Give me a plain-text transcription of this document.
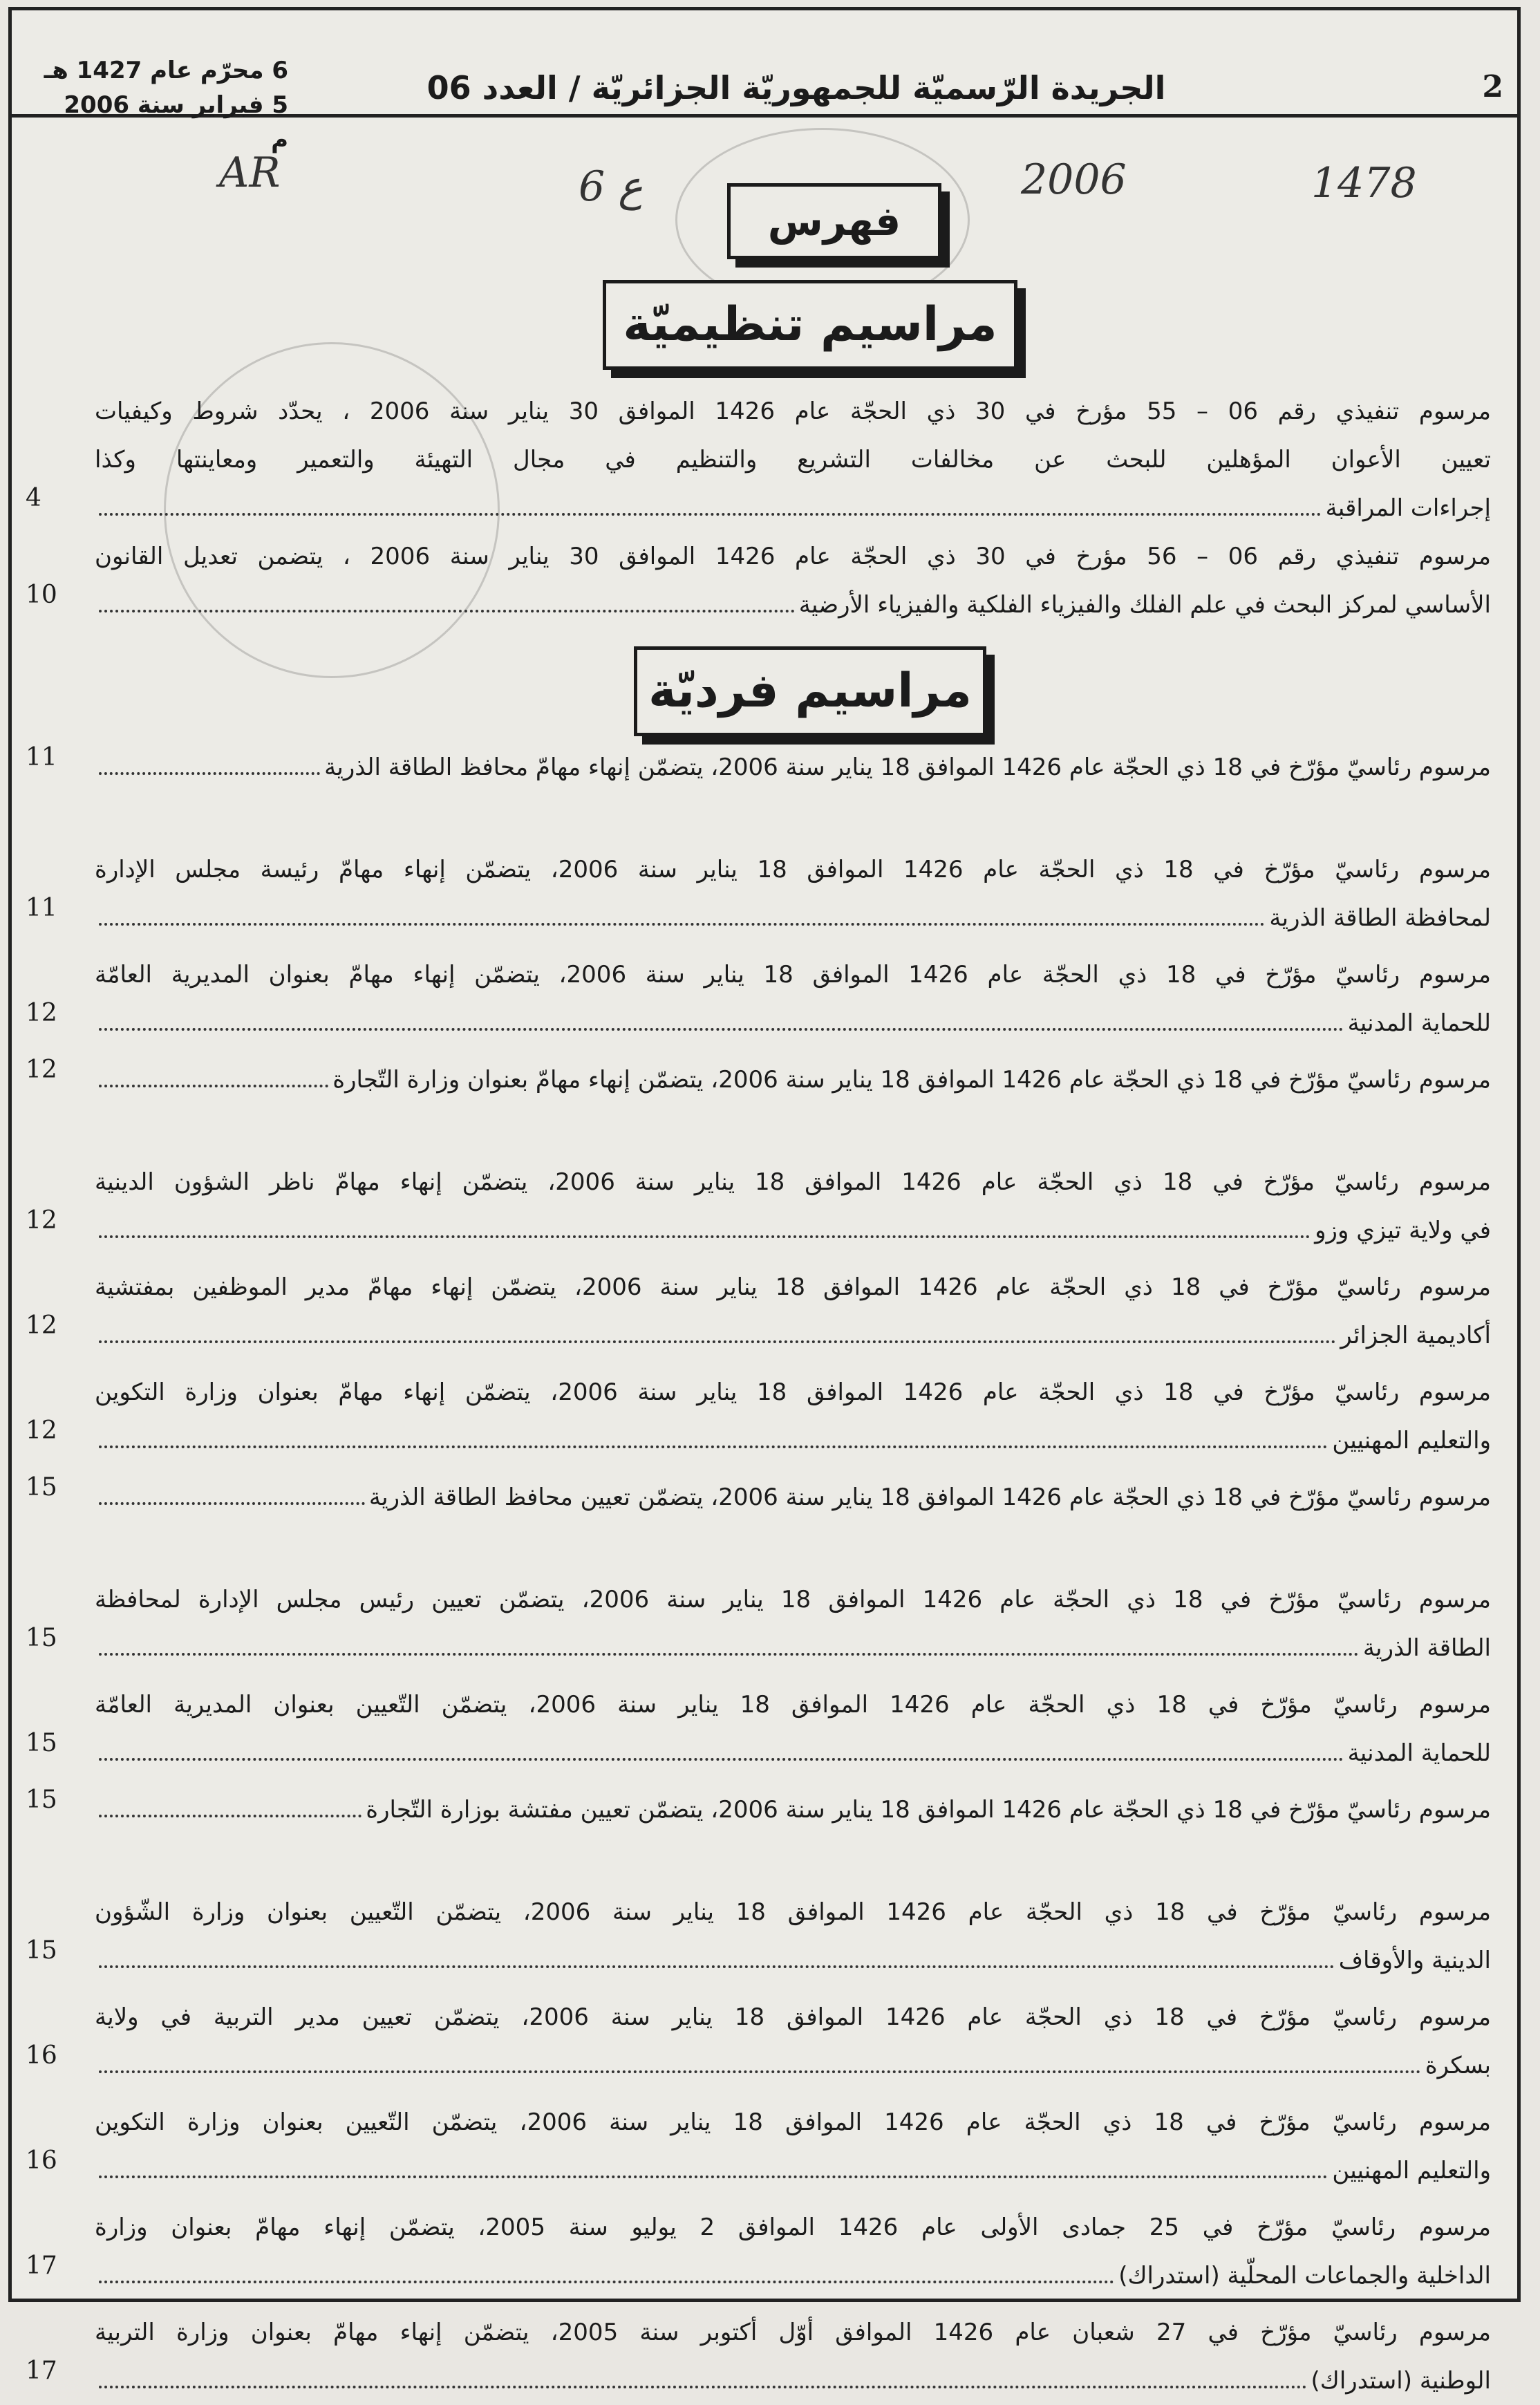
2
الجريدة الرّسميّة للجمهوريّة الجزائريّة / العدد 06
6 محرّم عام 1427 هـ
5 فبراير سنة 2006 م
AR	6 ع	2006	1478
فهرس
مراسيم تنظيميّة
مراسيم فرديّة
مرسوم تنفيذي رقم 06 – 55 مؤرخ في 30 ذي الحجّة عام 1426 الموافق 30 يناير سنة 2006 ، يحدّد شروط وكيفيات
تعيين الأعوان المؤهلين للبحث عن مخالفات التشريع والتنظيم في مجال التهيئة والتعمير ومعاينتها وكذا
إجراءات المراقبة
4
مرسوم تنفيذي رقم 06 – 56 مؤرخ في 30 ذي الحجّة عام 1426 الموافق 30 يناير سنة 2006 ، يتضمن تعديل القانون
الأساسي لمركز البحث في علم الفلك والفيزياء الفلكية والفيزياء الأرضية
10
مرسوم رئاسيّ مؤرّخ في 18 ذي الحجّة عام 1426 الموافق 18 يناير سنة 2006، يتضمّن إنهاء مهامّ محافظ الطاقة الذرية
11
مرسوم رئاسيّ مؤرّخ في 18 ذي الحجّة عام 1426 الموافق 18 يناير سنة 2006، يتضمّن إنهاء مهامّ رئيسة مجلس الإدارة
لمحافظة الطاقة الذرية
11
مرسوم رئاسيّ مؤرّخ في 18 ذي الحجّة عام 1426 الموافق 18 يناير سنة 2006، يتضمّن إنهاء مهامّ بعنوان المديرية العامّة
للحماية المدنية
12
مرسوم رئاسيّ مؤرّخ في 18 ذي الحجّة عام 1426 الموافق 18 يناير سنة 2006، يتضمّن إنهاء مهامّ بعنوان وزارة التّجارة
12
مرسوم رئاسيّ مؤرّخ في 18 ذي الحجّة عام 1426 الموافق 18 يناير سنة 2006، يتضمّن إنهاء مهامّ ناظر الشؤون الدينية
في ولاية تيزي وزو
12
مرسوم رئاسيّ مؤرّخ في 18 ذي الحجّة عام 1426 الموافق 18 يناير سنة 2006، يتضمّن إنهاء مهامّ مدير الموظفين بمفتشية
أكاديمية الجزائر
12
مرسوم رئاسيّ مؤرّخ في 18 ذي الحجّة عام 1426 الموافق 18 يناير سنة 2006، يتضمّن إنهاء مهامّ بعنوان وزارة التكوين
والتعليم المهنيين
12
مرسوم رئاسيّ مؤرّخ في 18 ذي الحجّة عام 1426 الموافق 18 يناير سنة 2006، يتضمّن تعيين محافظ الطاقة الذرية
15
مرسوم رئاسيّ مؤرّخ في 18 ذي الحجّة عام 1426 الموافق 18 يناير سنة 2006، يتضمّن تعيين رئيس مجلس الإدارة لمحافظة
الطاقة الذرية
15
مرسوم رئاسيّ مؤرّخ في 18 ذي الحجّة عام 1426 الموافق 18 يناير سنة 2006، يتضمّن التّعيين بعنوان المديرية العامّة
للحماية المدنية
15
مرسوم رئاسيّ مؤرّخ في 18 ذي الحجّة عام 1426 الموافق 18 يناير سنة 2006، يتضمّن تعيين مفتشة بوزارة التّجارة
15
مرسوم رئاسيّ مؤرّخ في 18 ذي الحجّة عام 1426 الموافق 18 يناير سنة 2006، يتضمّن التّعيين بعنوان وزارة الشّؤون
الدينية والأوقاف
15
مرسوم رئاسيّ مؤرّخ في 18 ذي الحجّة عام 1426 الموافق 18 يناير سنة 2006، يتضمّن تعيين مدير التربية في ولاية
بسكرة
16
مرسوم رئاسيّ مؤرّخ في 18 ذي الحجّة عام 1426 الموافق 18 يناير سنة 2006، يتضمّن التّعيين بعنوان وزارة التكوين
والتعليم المهنيين
16
مرسوم رئاسيّ مؤرّخ في 25 جمادى الأولى عام 1426 الموافق 2 يوليو سنة 2005، يتضمّن إنهاء مهامّ بعنوان وزارة
الداخلية والجماعات المحلّية (استدراك)
17
مرسوم رئاسيّ مؤرّخ في 27 شعبان عام 1426 الموافق أوّل أكتوبر سنة 2005، يتضمّن إنهاء مهامّ بعنوان وزارة التربية
الوطنية (استدراك)
17
